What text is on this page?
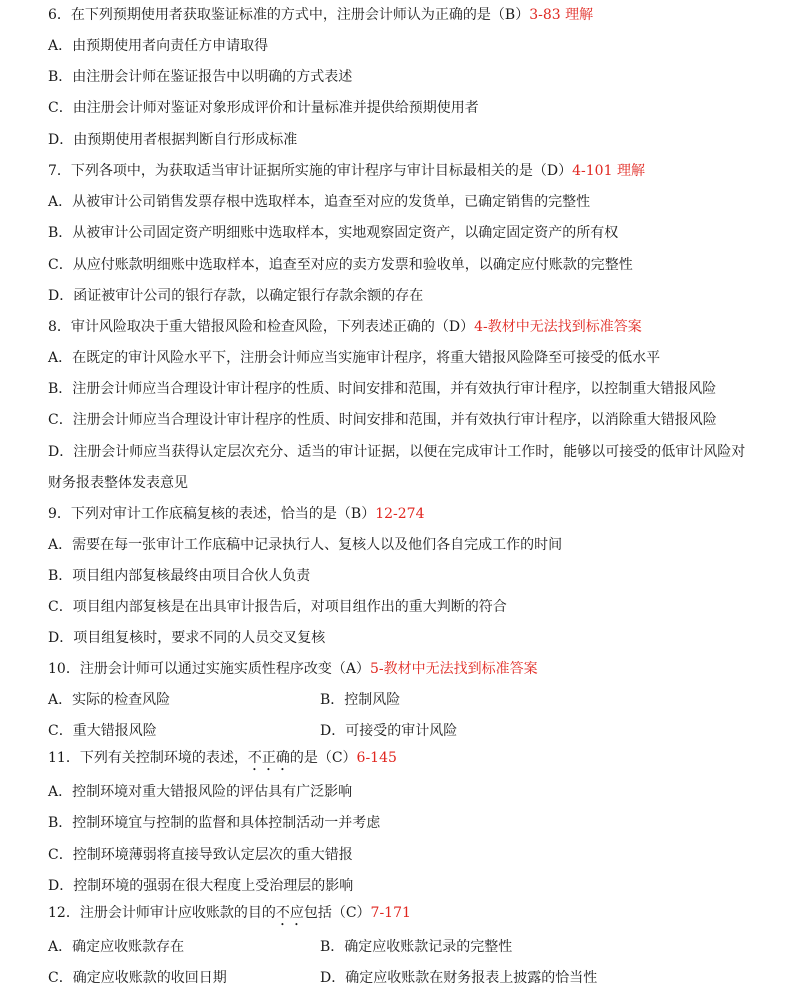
6．在下列预期使用者获取鉴证标准的方式中，注册会计师认为正确的是（B）3-83 理解
A．由预期使用者向责任方申请取得
B．由注册会计师在鉴证报告中以明确的方式表述
C．由注册会计师对鉴证对象形成评价和计量标准并提供给预期使用者
D．由预期使用者根据判断自行形成标准
7．下列各项中，为获取适当审计证据所实施的审计程序与审计目标最相关的是（D）4-101 理解
A．从被审计公司销售发票存根中选取样本，追查至对应的发货单，已确定销售的完整性
B．从被审计公司固定资产明细账中选取样本，实地观察固定资产，以确定固定资产的所有权
C．从应付账款明细账中选取样本，追查至对应的卖方发票和验收单，以确定应付账款的完整性
D．函证被审计公司的银行存款，以确定银行存款余额的存在
8．审计风险取决于重大错报风险和检查风险，下列表述正确的（D）4-教材中无法找到标准答案
A．在既定的审计风险水平下，注册会计师应当实施审计程序，将重大错报风险降至可接受的低水平
B．注册会计师应当合理设计审计程序的性质、时间安排和范围，并有效执行审计程序，以控制重大错报风险
C．注册会计师应当合理设计审计程序的性质、时间安排和范围，并有效执行审计程序，以消除重大错报风险
D．注册会计师应当获得认定层次充分、适当的审计证据，以便在完成审计工作时，能够以可接受的低审计风险对
财务报表整体发表意见
9．下列对审计工作底稿复核的表述，恰当的是（B）12-274
A．需要在每一张审计工作底稿中记录执行人、复核人以及他们各自完成工作的时间
B．项目组内部复核最终由项目合伙人负责
C．项目组内部复核是在出具审计报告后，对项目组作出的重大判断的符合
D．项目组复核时，要求不同的人员交叉复核
10．注册会计师可以通过实施实质性程序改变（A）5-教材中无法找到标准答案
A．实际的检查风险	B．控制风险
C．重大错报风险	D．可接受的审计风险
11．下列有关控制环境的表述，不正确的是（C）6-145
A．控制环境对重大错报风险的评估具有广泛影响
B．控制环境宜与控制的监督和具体控制活动一并考虑
C．控制环境薄弱将直接导致认定层次的重大错报
D．控制环境的强弱在很大程度上受治理层的影响
12．注册会计师审计应收账款的目的不应包括（C）7-171
A．确定应收账款存在	B．确定应收账款记录的完整性
C．确定应收账款的收回日期	D．确定应收账款在财务报表上披露的恰当性
